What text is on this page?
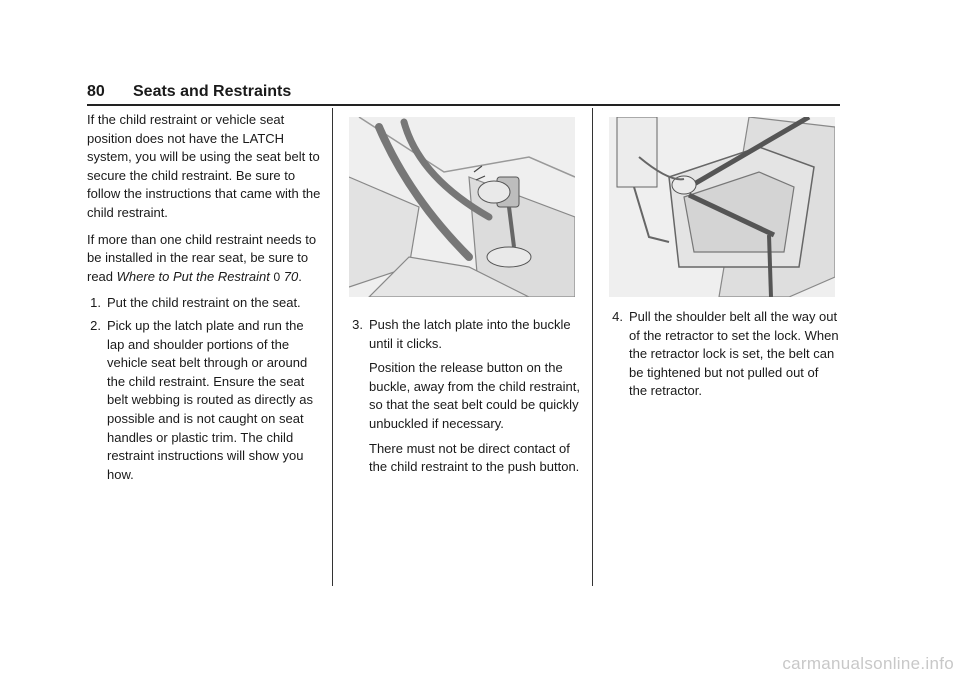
80 Seats and Restraints

If the child restraint or vehicle seat position does not have the LATCH system, you will be using the seat belt to secure the child restraint. Be sure to follow the instructions that came with the child restraint.

If more than one child restraint needs to be installed in the rear seat, be sure to read Where to Put the Restraint 0 70.

1. Put the child restraint on the seat.
2. Pick up the latch plate and run the lap and shoulder portions of the vehicle seat belt through or around the child restraint. Ensure the seat belt webbing is routed as directly as possible and is not caught on seat handles or plastic trim. The child restraint instructions will show you how.
3. Push the latch plate into the buckle until it clicks.

Position the release button on the buckle, away from the child restraint, so that the seat belt could be quickly unbuckled if necessary.

There must not be direct contact of the child restraint to the push button.

4. Pull the shoulder belt all the way out of the retractor to set the lock. When the retractor lock is set, the belt can be tightened but not pulled out of the retractor.
carmanualsonline.info
